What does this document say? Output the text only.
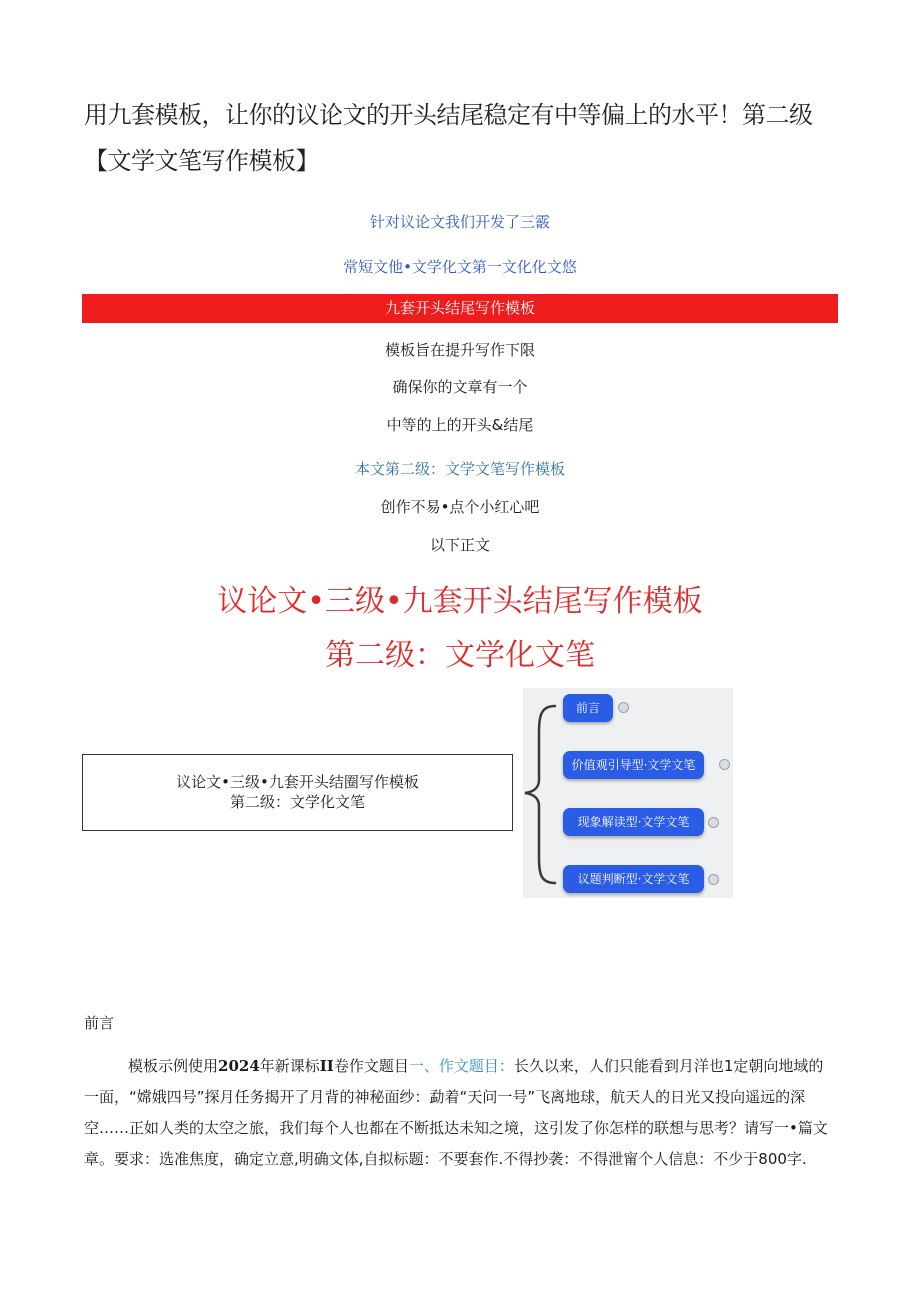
用九套模板，让你的议论文的开头结尾稳定有中等偏上的水平！第二级【文学文笔写作模板】
针对议论文我们开发了三霰
常短文他•文学化文第一文化化文悠
九套开头结尾写作模板
模板旨在提升写作下限
确保你的文章有一个
中等的上的开头&结尾
本文第二级：文学文笔写作模板
创作不易•点个小红心吧
以下正文
议论文•三级•九套开头结尾写作模板
第二级：文学化文笔
议论文•三级•九套开头结圈写作模板
第二级：文学化文笔
前言
价值观引导型·文学文笔
现象解读型·文学文笔
议题判断型·文学文笔
前言
模板示例使用2024年新课标II卷作文题目一、作文题目：长久以来，人们只能看到月洋也1定朝向地域的一面，“嫦娥四号”探月任务揭开了月背的神秘面纱：勐着“天问一号”飞离地球，航天人的日光又投向遥远的深空……正如人类的太空之旅，我们每个人也都在不断抵达未知之境，这引发了你怎样的联想与思考？请写一•篇文章。要求：选准焦度，确定立意,明确文体,自拟标题：不要套作.不得抄袭：不得泄甯个人信息：不少于800字.
